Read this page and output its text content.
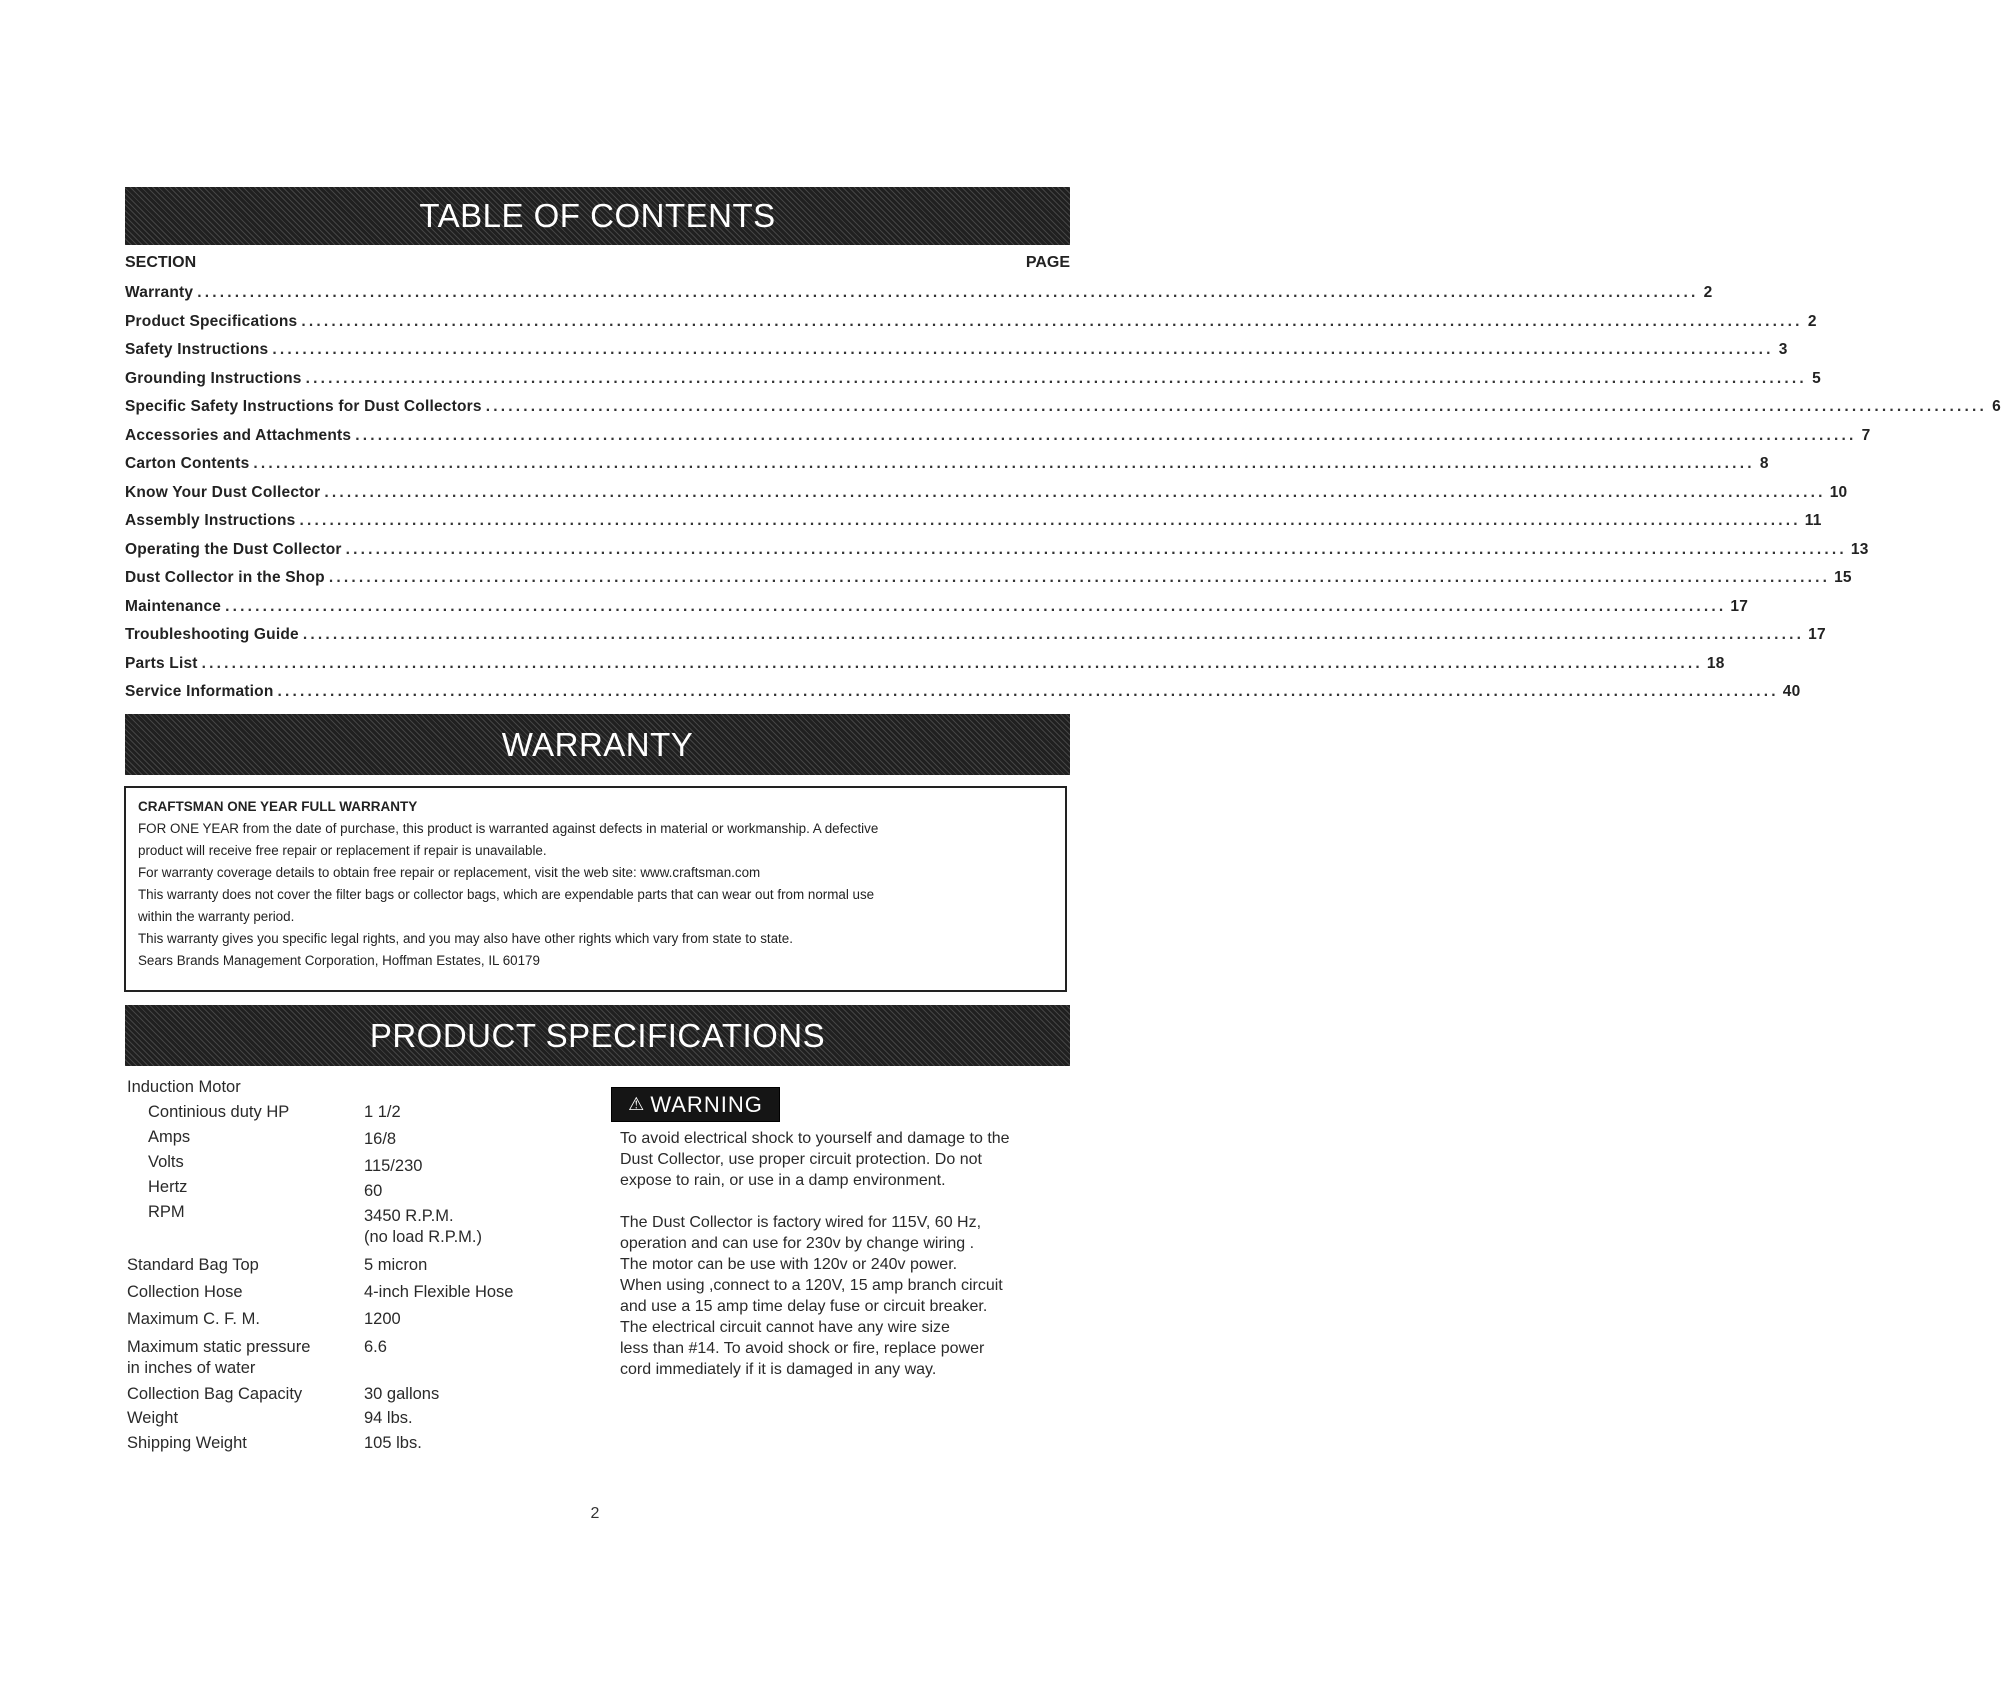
TABLE OF CONTENTS
SECTION	PAGE
Warranty ........................................................................................................................................................................................................ 2
Product Specifications ........................................................................................................................................................................................................ 2
Safety Instructions ........................................................................................................................................................................................................ 3
Grounding Instructions ........................................................................................................................................................................................................ 5
Specific Safety Instructions for Dust Collectors ........................................................................................................................................................................................................ 6
Accessories and Attachments ........................................................................................................................................................................................................ 7
Carton Contents ........................................................................................................................................................................................................ 8
Know Your Dust Collector ........................................................................................................................................................................................................ 10
Assembly Instructions ........................................................................................................................................................................................................ 11
Operating the Dust Collector ........................................................................................................................................................................................................ 13
Dust Collector in the Shop ........................................................................................................................................................................................................ 15
Maintenance ........................................................................................................................................................................................................ 17
Troubleshooting Guide ........................................................................................................................................................................................................ 17
Parts List ........................................................................................................................................................................................................ 18
Service Information ........................................................................................................................................................................................................ 40
WARRANTY

CRAFTSMAN ONE YEAR FULL WARRANTY

FOR ONE YEAR from the date of purchase, this product is warranted against defects in material or workmanship. A defective

product will receive free repair or replacement if repair is unavailable.

For warranty coverage details to obtain free repair or replacement, visit the web site: www.craftsman.com

This warranty does not cover the filter bags or collector bags, which are expendable parts that can wear out from normal use

within the warranty period.

This warranty gives you specific legal rights, and you may also have other rights which vary from state to state.

Sears Brands Management Corporation, Hoffman Estates, IL 60179

PRODUCT SPECIFICATIONS
Induction Motor
Continious duty HP	1 1/2
Amps	16/8
Volts	115/230
Hertz	60
RPM	3450 R.P.M.
(no load R.P.M.)
Standard Bag Top	5 micron
Collection Hose	4-inch Flexible Hose
Maximum C. F. M.	1200
Maximum static pressure	6.6
in inches of water
Collection Bag Capacity	30 gallons
Weight	94 lbs.
Shipping Weight	105 lbs.
⚠ WARNING

To avoid electrical shock to yourself and damage to the

Dust Collector, use proper circuit protection. Do not

expose to rain, or use in a damp environment.

The Dust Collector is factory wired for 115V, 60 Hz,

operation and can use for 230v by change wiring .

The motor can be use with 120v or 240v power.

When using ,connect to a 120V, 15 amp branch circuit

and use a 15 amp time delay fuse or circuit breaker.

The electrical circuit cannot have any wire size

less than #14. To avoid shock or fire, replace power

cord immediately if it is damaged in any way.

2
